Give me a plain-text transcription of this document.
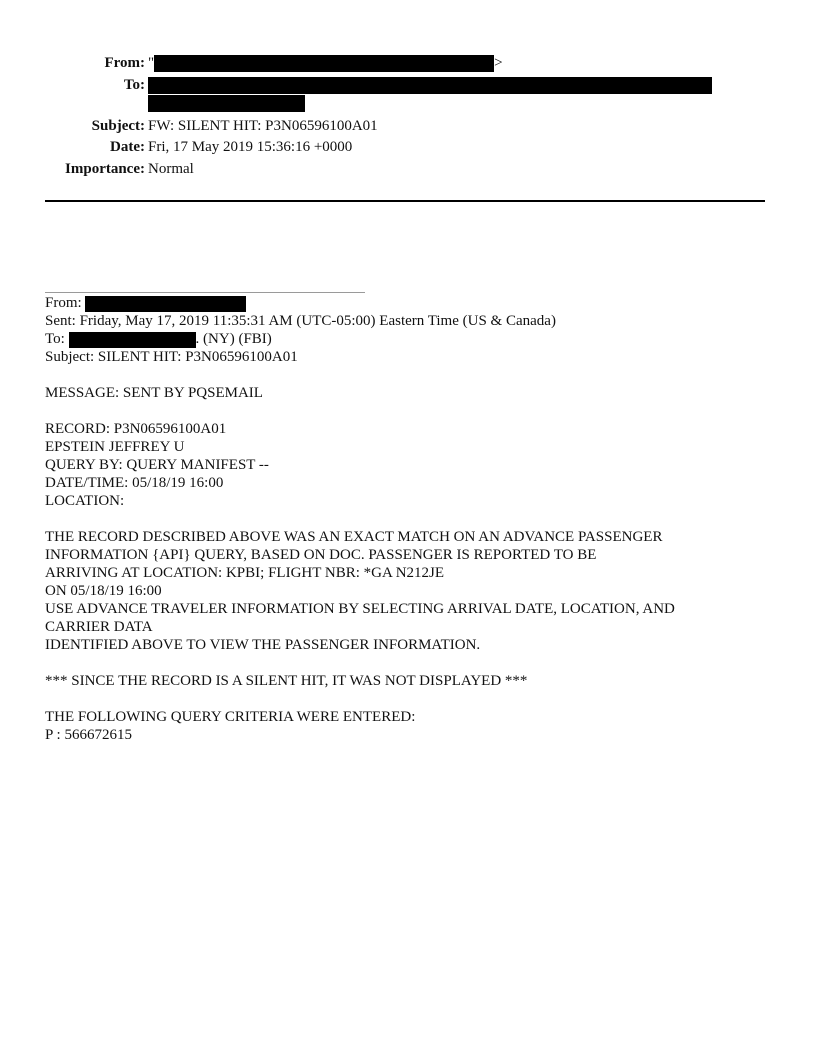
From: "	>
To:
Subject: FW: SILENT HIT: P3N06596100A01
Date: Fri, 17 May 2019 15:36:16 +0000
Importance: Normal
From:
Sent: Friday, May 17, 2019 11:35:31 AM (UTC-05:00) Eastern Time (US & Canada)
To:	. (NY) (FBI)
Subject: SILENT HIT: P3N06596100A01
MESSAGE: SENT BY PQSEMAIL
RECORD: P3N06596100A01
EPSTEIN JEFFREY U
QUERY BY: QUERY MANIFEST --
DATE/TIME: 05/18/19 16:00
LOCATION:
THE RECORD DESCRIBED ABOVE WAS AN EXACT MATCH ON AN ADVANCE PASSENGER
INFORMATION {API} QUERY, BASED ON DOC. PASSENGER IS REPORTED TO BE
ARRIVING AT LOCATION: KPBI; FLIGHT NBR: *GA N212JE
ON 05/18/19 16:00
USE ADVANCE TRAVELER INFORMATION BY SELECTING ARRIVAL DATE, LOCATION, AND
CARRIER DATA
IDENTIFIED ABOVE TO VIEW THE PASSENGER INFORMATION.
*** SINCE THE RECORD IS A SILENT HIT, IT WAS NOT DISPLAYED ***
THE FOLLOWING QUERY CRITERIA WERE ENTERED:
P : 566672615
